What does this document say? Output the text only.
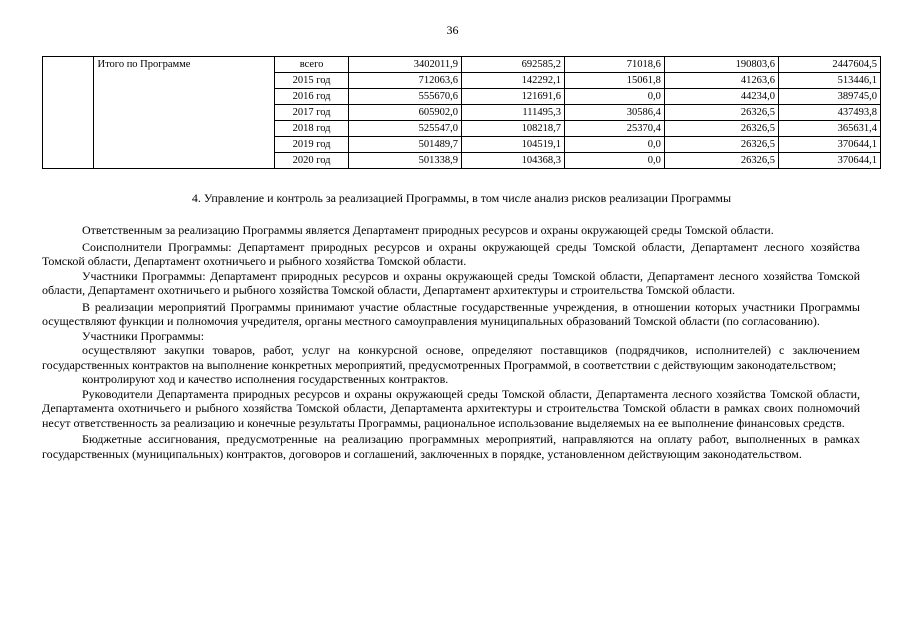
36
	Итого по Программе	всего	3402011,9	692585,2	71018,6	190803,6	2447604,5
		2015 год	712063,6	142292,1	15061,8	41263,6	513446,1
		2016 год	555670,6	121691,6	0,0	44234,0	389745,0
		2017 год	605902,0	111495,3	30586,4	26326,5	437493,8
		2018 год	525547,0	108218,7	25370,4	26326,5	365631,4
		2019 год	501489,7	104519,1	0,0	26326,5	370644,1
		2020 год	501338,9	104368,3	0,0	26326,5	370644,1
4. Управление и контроль за реализацией Программы, в том числе анализ рисков реализации Программы

Ответственным за реализацию Программы является Департамент природных ресурсов и охраны окружающей среды Томской области.

Соисполнители Программы: Департамент природных ресурсов и охраны окружающей среды Томской области, Департамент лесного хозяйства Томской области, Департамент охотничьего и рыбного хозяйства Томской области.

Участники Программы: Департамент природных ресурсов и охраны окружающей среды Томской области, Департамент лесного хозяйства Томской области, Департамент охотничьего и рыбного хозяйства Томской области, Департамент архитектуры и строительства Томской области.

В реализации мероприятий Программы принимают участие областные государственные учреждения, в отношении которых участники Программы осуществляют функции и полномочия учредителя, органы местного самоуправления муниципальных образований Томской области (по согласованию).

Участники Программы:

осуществляют закупки товаров, работ, услуг на конкурсной основе, определяют поставщиков (подрядчиков, исполнителей) с заключением государственных контрактов на выполнение конкретных мероприятий, предусмотренных Программой, в соответствии с действующим законодательством;

контролируют ход и качество исполнения государственных контрактов.

Руководители Департамента природных ресурсов и охраны окружающей среды Томской области, Департамента лесного хозяйства Томской области, Департамента охотничьего и рыбного хозяйства Томской области, Департамента архитектуры и строительства Томской области в рамках своих полномочий несут ответственность за реализацию и конечные результаты Программы, рациональное использование выделяемых на ее выполнение финансовых средств.

Бюджетные ассигнования, предусмотренные на реализацию программных мероприятий, направляются на оплату работ, выполненных в рамках государственных (муниципальных) контрактов, договоров и соглашений, заключенных в порядке, установленном действующим законодательством.
